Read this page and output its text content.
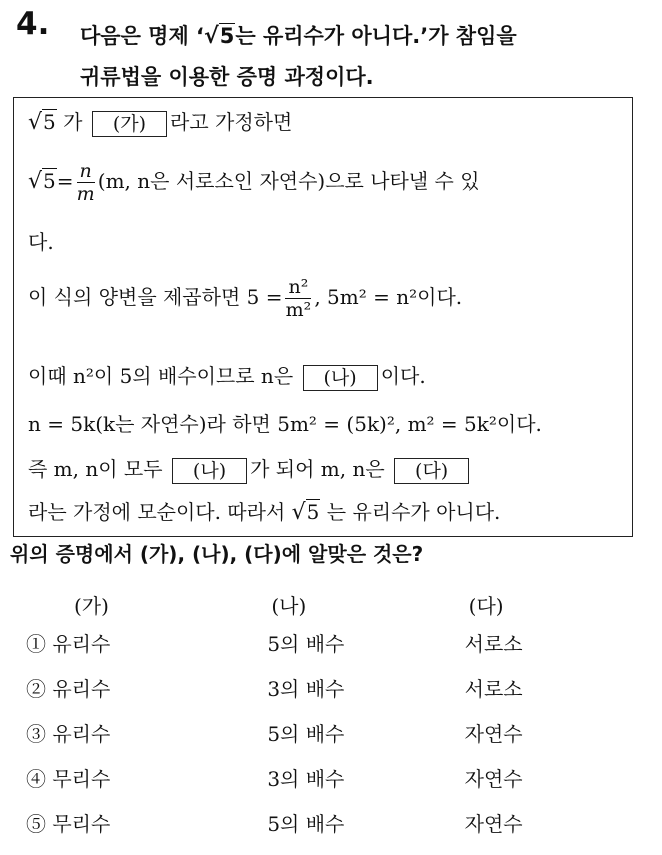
4. 다음은 명제 ‘√5는 유리수가 아니다.’가 참임을
귀류법을 이용한 증명 과정이다.
√5 가 (가) 라고 가정하면
$√5= \frac{n}{m} (m$, n은 서로소인 자연수)으로 나타낼 수 있
다.
이 식의 양변을 제곱하면 $5 = \frac{\text{n²}}{\text{m²}}$ , 5m² = n²이다.
이때 n²이 5의 배수이므로 n은 (나) 이다.
n = 5k(k는 자연수)라 하면 5m² = (5k)², m² = 5k²이다.
즉 m, n이 모두 (나) 가 되어 m, n은 (다)
라는 가정에 모순이다. 따라서 √5 는 유리수가 아니다.
위의 증명에서 (가), (나), (다)에 알맞은 것은?
(가)	(나)	(다)
① 유리수	5의 배수	서로소
② 유리수	3의 배수	서로소
③ 유리수	5의 배수	자연수
④ 무리수	3의 배수	자연수
⑤ 무리수	5의 배수	자연수
